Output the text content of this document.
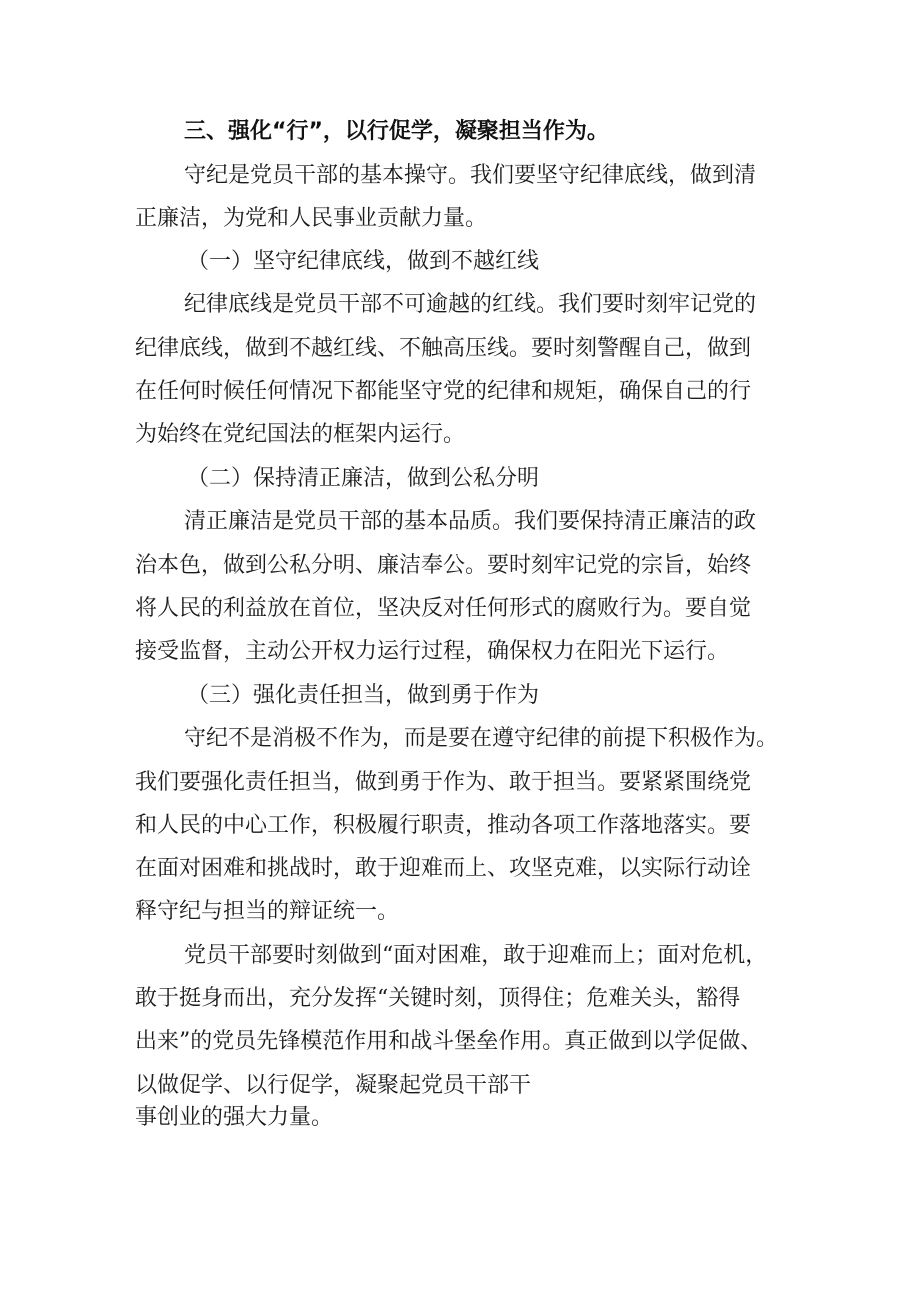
三、强化“行”，以行促学，凝聚担当作为。
守纪是党员干部的基本操守。我们要坚守纪律底线，做到清
正廉洁，为党和人民事业贡献力量。
（一）坚守纪律底线，做到不越红线
纪律底线是党员干部不可逾越的红线。我们要时刻牢记党的
纪律底线，做到不越红线、不触高压线。要时刻警醒自己，做到
在任何时候任何情况下都能坚守党的纪律和规矩，确保自己的行
为始终在党纪国法的框架内运行。
（二）保持清正廉洁，做到公私分明
清正廉洁是党员干部的基本品质。我们要保持清正廉洁的政
治本色，做到公私分明、廉洁奉公。要时刻牢记党的宗旨，始终
将人民的利益放在首位，坚决反对任何形式的腐败行为。要自觉
接受监督，主动公开权力运行过程，确保权力在阳光下运行。
（三）强化责任担当，做到勇于作为
守纪不是消极不作为，而是要在遵守纪律的前提下积极作为。
我们要强化责任担当，做到勇于作为、敢于担当。要紧紧围绕党
和人民的中心工作，积极履行职责，推动各项工作落地落实。要
在面对困难和挑战时，敢于迎难而上、攻坚克难，以实际行动诠
释守纪与担当的辩证统一。
党员干部要时刻做到“面对困难，敢于迎难而上；面对危机，
敢于挺身而出，充分发挥“关键时刻，顶得住；危难关头，豁得
出来”的党员先锋模范作用和战斗堡垒作用。真正做到以学促做、
以做促学、以行促学，凝聚起党员干部干
事创业的强大力量。
